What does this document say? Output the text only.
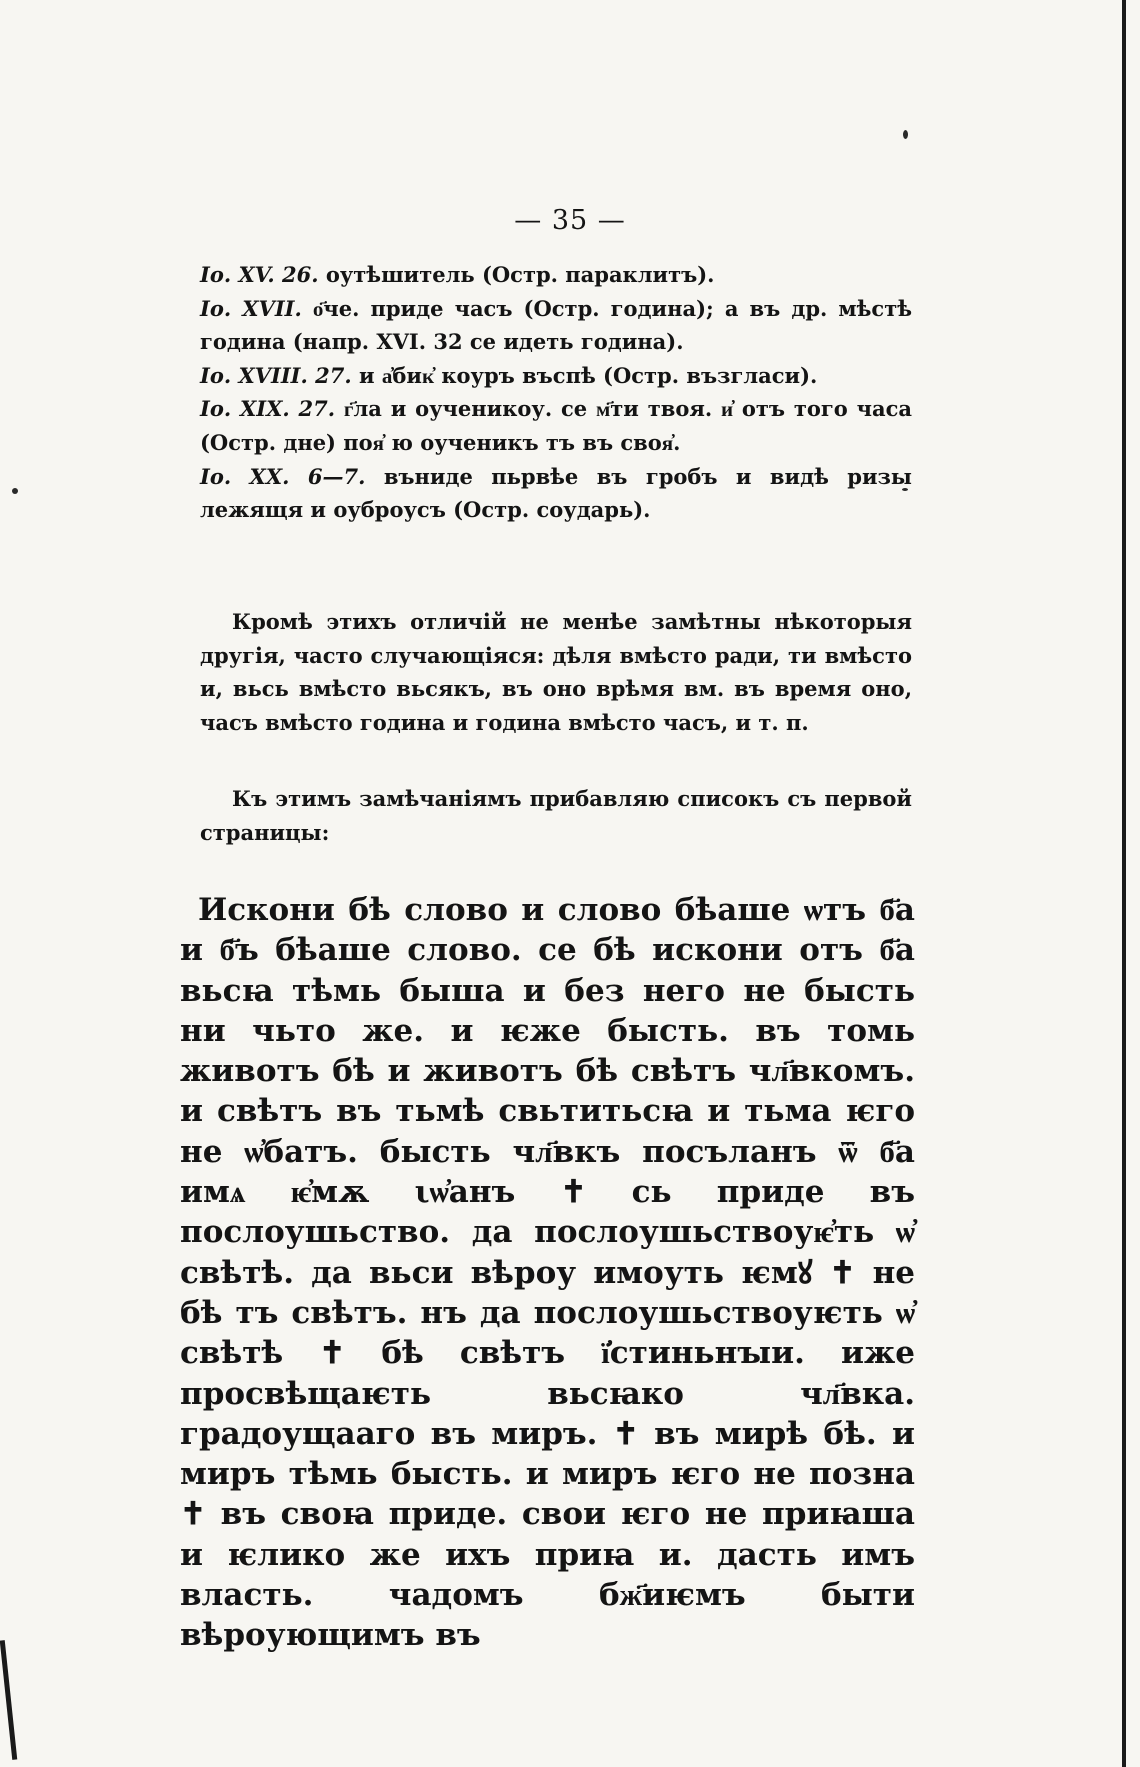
— 35 —

Іо. XV. 26. оутѣшитель (Остр. параклитъ).

Іо. XVII. о҃че. приде часъ (Остр. година); а въ др. мѣстѣ година (напр. XVI. 32 се идеть година).

Іо. XVIII. 27. и а҆бик҆ коуръ въспѣ (Остр. възгласи).

Іо. XIX. 27. г҃ла и оученикоу. се м҃ти твоя. и҆ отъ того часа (Остр. дне) поя҆ ю оученикъ тъ въ своя҆.

Іо. XX. 6—7. вънидe пьрвѣе въ гробъ и видѣ ризы лежящя и оуброусъ (Остр. соударь).

Кромѣ этихъ отличій не менѣе замѣтны нѣкоторыя другія, часто случающіяся: дѣля вмѣсто ради, ти вмѣсто и, вьсь вмѣсто вьсякъ, въ оно врѣмя вм. въ время оно, часъ вмѣсто година и година вмѣсто часъ, и т. п.
Къ этимъ замѣчаніямъ прибавляю списокъ съ первой страницы:
Искони бѣ слово и слово бѣаше ѡтъ б҃а и б҃ъ бѣаше слово. се бѣ искони отъ б҃а вьсꙗ тѣмь быша и без него не бысть ни чьто же. и ѥже бысть. въ томь животъ бѣ и животъ бѣ свѣтъ чл҃вкомъ. и свѣтъ въ тьмѣ свьтитьсꙗ и тьма ѥго не ѡ҆батъ. бысть чл҃вкъ посъланъ ѿ б҃а имѧ ѥ҆мѫ ιѡ҆анъ ✝ сь приде въ послоушьство. да послоушьствоуѥ҆ть ѡ҆ свѣтѣ. да вьси вѣроу имоуть ѥмꙋ ✝ не бѣ тъ свѣтъ. нъ да послоушьствоуѥть ѡ҆ свѣтѣ ✝ бѣ свѣтъ ї҆стиньнꙑи. иже просвѣщаѥть вьсꙗко чл҃вка. градоущааго въ миръ. ✝ въ мирѣ бѣ. и миръ тѣмь бысть. и миръ ѥго не позна ✝ въ своꙗ приде. свои ѥго не приꙗша и ѥлико же ихъ приꙗ и. дасть имъ власть. чадомъ бж҃иѥмъ быти вѣроующимъ въ
